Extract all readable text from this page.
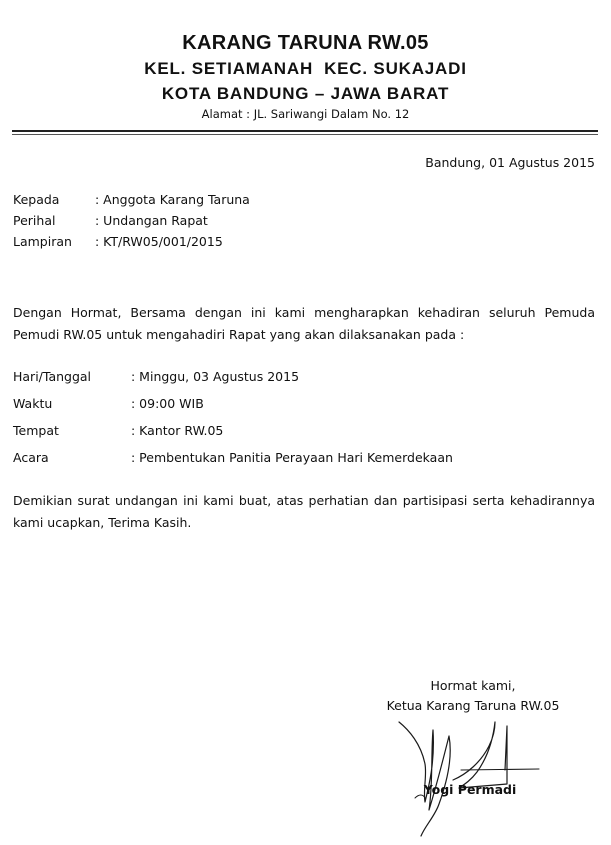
KARANG TARUNA RW.05
KEL. SETIAMANAH  KEC. SUKAJADI
KOTA BANDUNG – JAWA BARAT
Alamat : JL. Sariwangi Dalam No. 12
Bandung, 01 Agustus 2015
Kepada	: Anggota Karang Taruna
Perihal	: Undangan Rapat
Lampiran : KT/RW05/001/2015
Dengan Hormat, Bersama dengan ini kami mengharapkan kehadiran seluruh Pemuda Pemudi RW.05 untuk mengahadiri Rapat yang akan dilaksanakan pada :
Hari/Tanggal	: Minggu, 03 Agustus 2015
Waktu	: 09:00 WIB
Tempat	: Kantor RW.05
Acara	: Pembentukan Panitia Perayaan Hari Kemerdekaan
Demikian surat undangan ini kami buat, atas perhatian dan partisipasi serta kehadirannya kami ucapkan, Terima Kasih.
Hormat kami,
Ketua Karang Taruna RW.05
Yogi Permadi
